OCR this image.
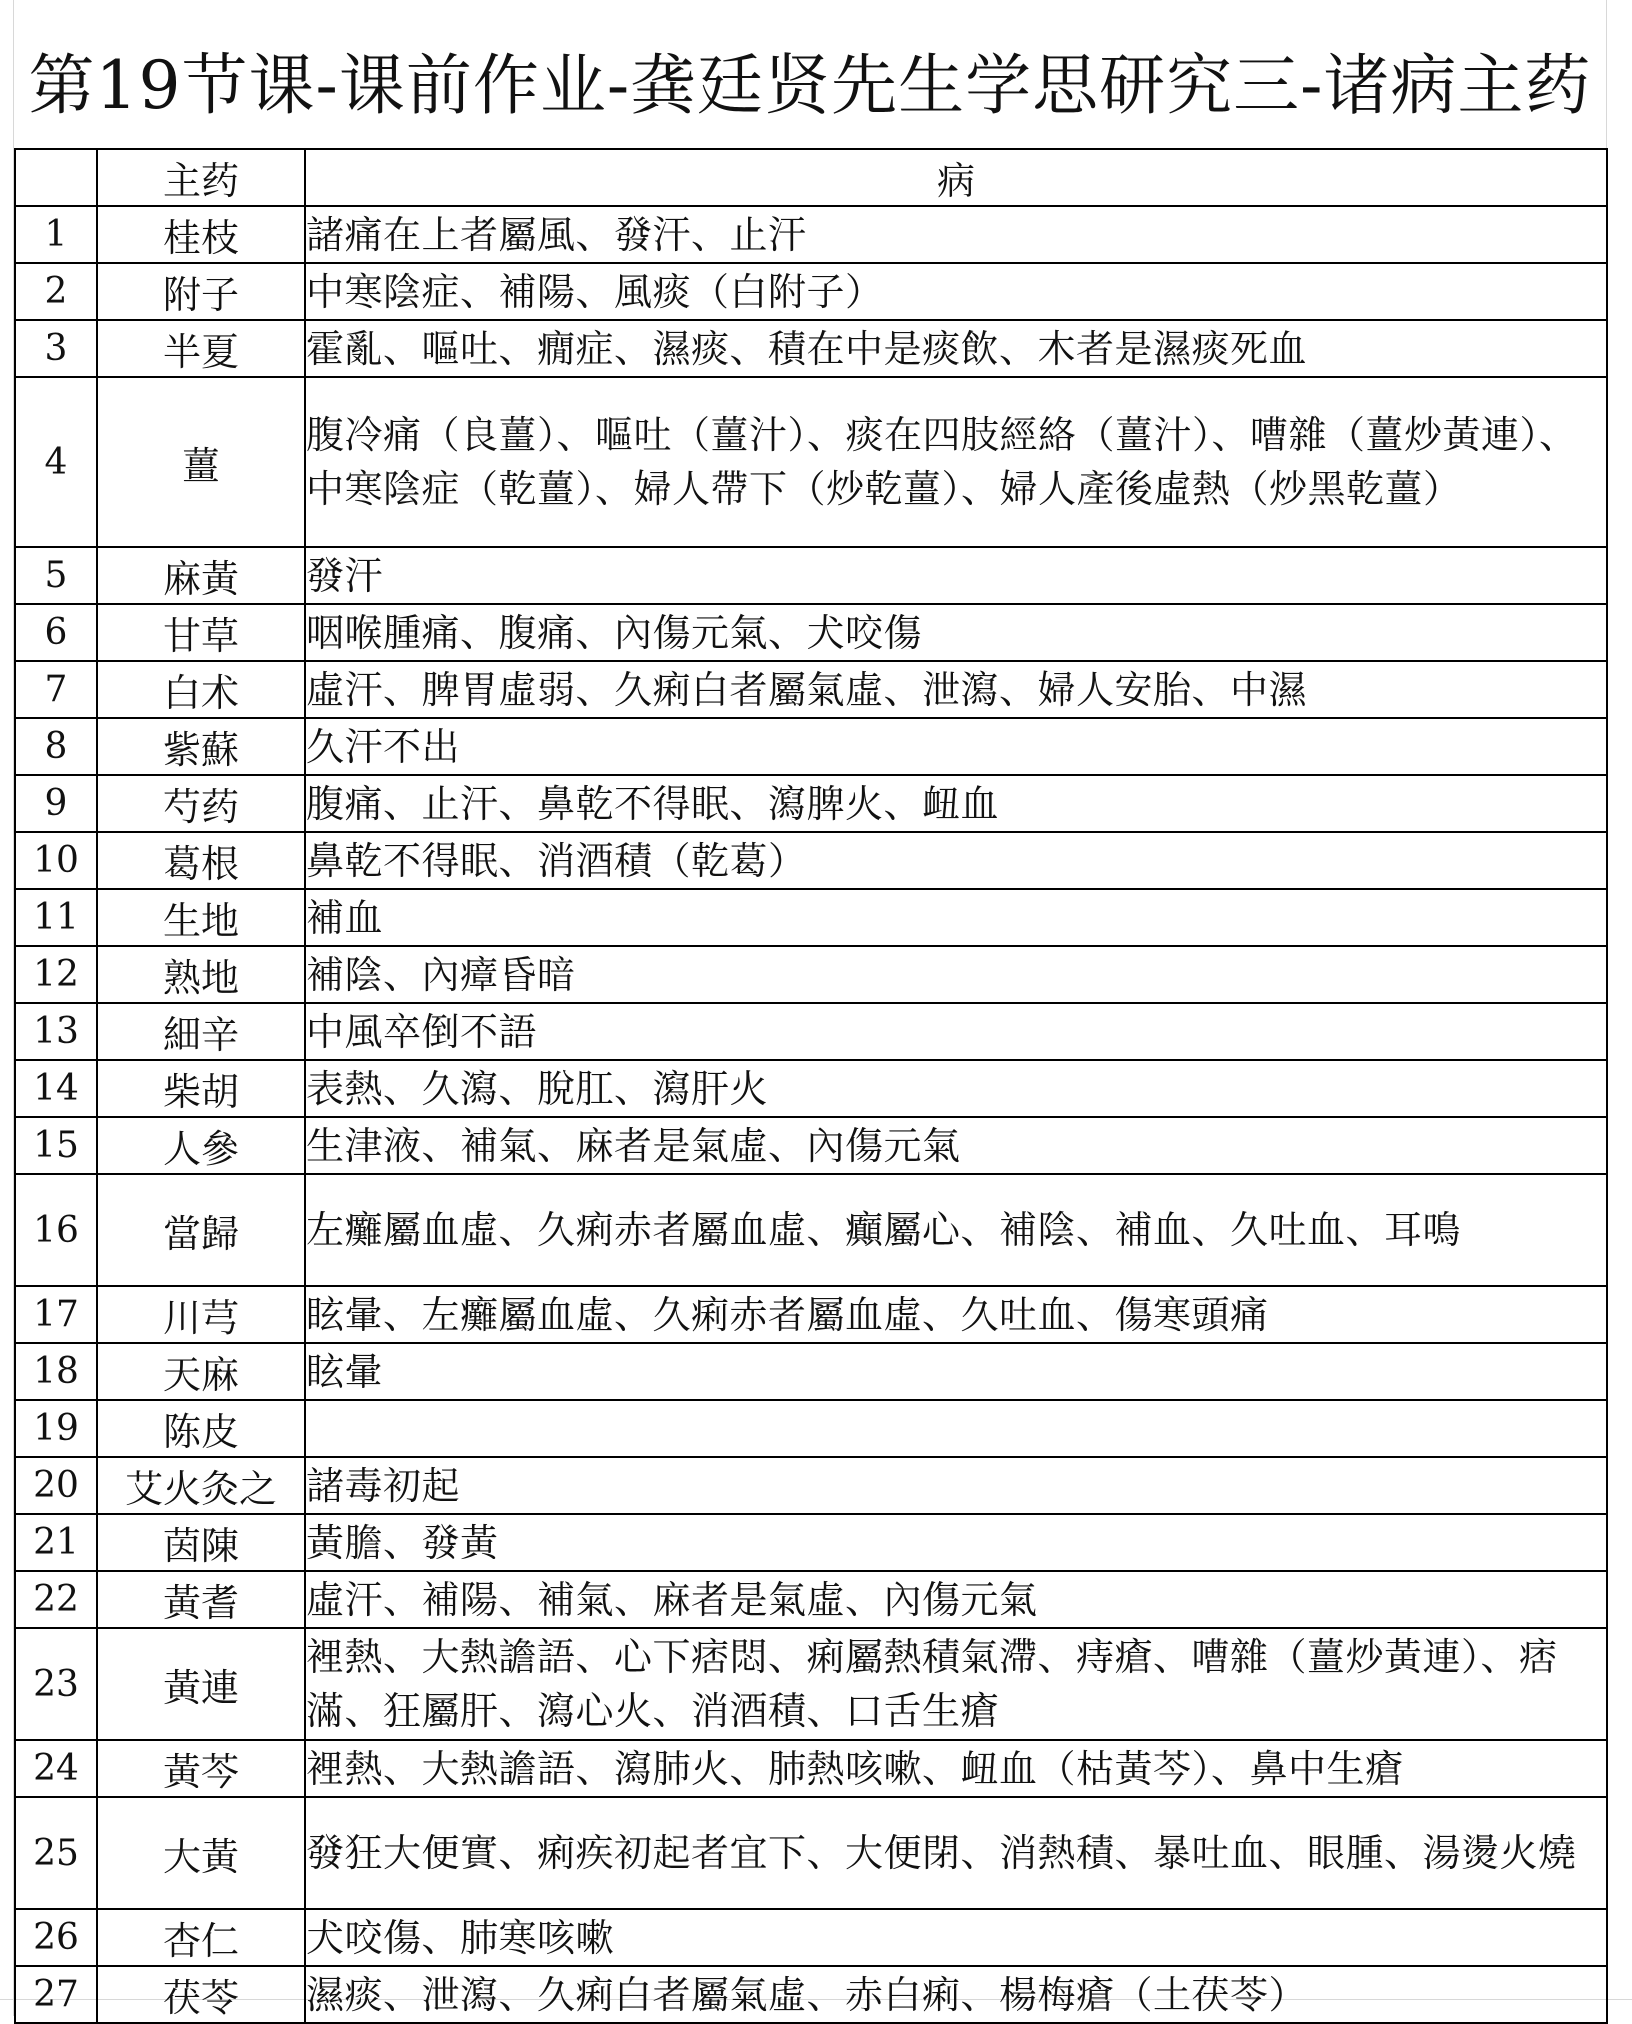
第19节课-课前作业-龚廷贤先生学思研究三-诸病主药
	主药	病
1	桂枝	諸痛在上者屬風、發汗、止汗
2	附子	中寒陰症、補陽、風痰（白附子）
3	半夏	霍亂、嘔吐、癇症、濕痰、積在中是痰飲、木者是濕痰死血
4	薑	腹冷痛（良薑）、嘔吐（薑汁）、痰在四肢經絡（薑汁）、嘈雜（薑炒黃連）、中寒陰症（乾薑）、婦人帶下（炒乾薑）、婦人產後虛熱（炒黑乾薑）
5	麻黃	發汗
6	甘草	咽喉腫痛、腹痛、內傷元氣、犬咬傷
7	白术	虛汗、脾胃虛弱、久痢白者屬氣虛、泄瀉、婦人安胎、中濕
8	紫蘇	久汗不出
9	芍药	腹痛、止汗、鼻乾不得眠、瀉脾火、衄血
10	葛根	鼻乾不得眠、消酒積（乾葛）
11	生地	補血
12	熟地	補陰、內瘴昏暗
13	細辛	中風卒倒不語
14	柴胡	表熱、久瀉、脫肛、瀉肝火
15	人參	生津液、補氣、麻者是氣虛、內傷元氣
16	當歸	左癱屬血虛、久痢赤者屬血虛、癲屬心、補陰、補血、久吐血、耳鳴
17	川芎	眩暈、左癱屬血虛、久痢赤者屬血虛、久吐血、傷寒頭痛
18	天麻	眩暈
19	陈皮	
20	艾火灸之	諸毒初起
21	茵陳	黃膽、發黃
22	黃耆	虛汗、補陽、補氣、麻者是氣虛、內傷元氣
23	黃連	裡熱、大熱譫語、心下痞悶、痢屬熱積氣滯、痔瘡、嘈雜（薑炒黃連）、痞滿、狂屬肝、瀉心火、消酒積、口舌生瘡
24	黃芩	裡熱、大熱譫語、瀉肺火、肺熱咳嗽、衄血（枯黃芩）、鼻中生瘡
25	大黃	發狂大便實、痢疾初起者宜下、大便閉、消熱積、暴吐血、眼腫、湯燙火燒
26	杏仁	犬咬傷、肺寒咳嗽
27	茯苓	濕痰、泄瀉、久痢白者屬氣虛、赤白痢、楊梅瘡（土茯苓）
